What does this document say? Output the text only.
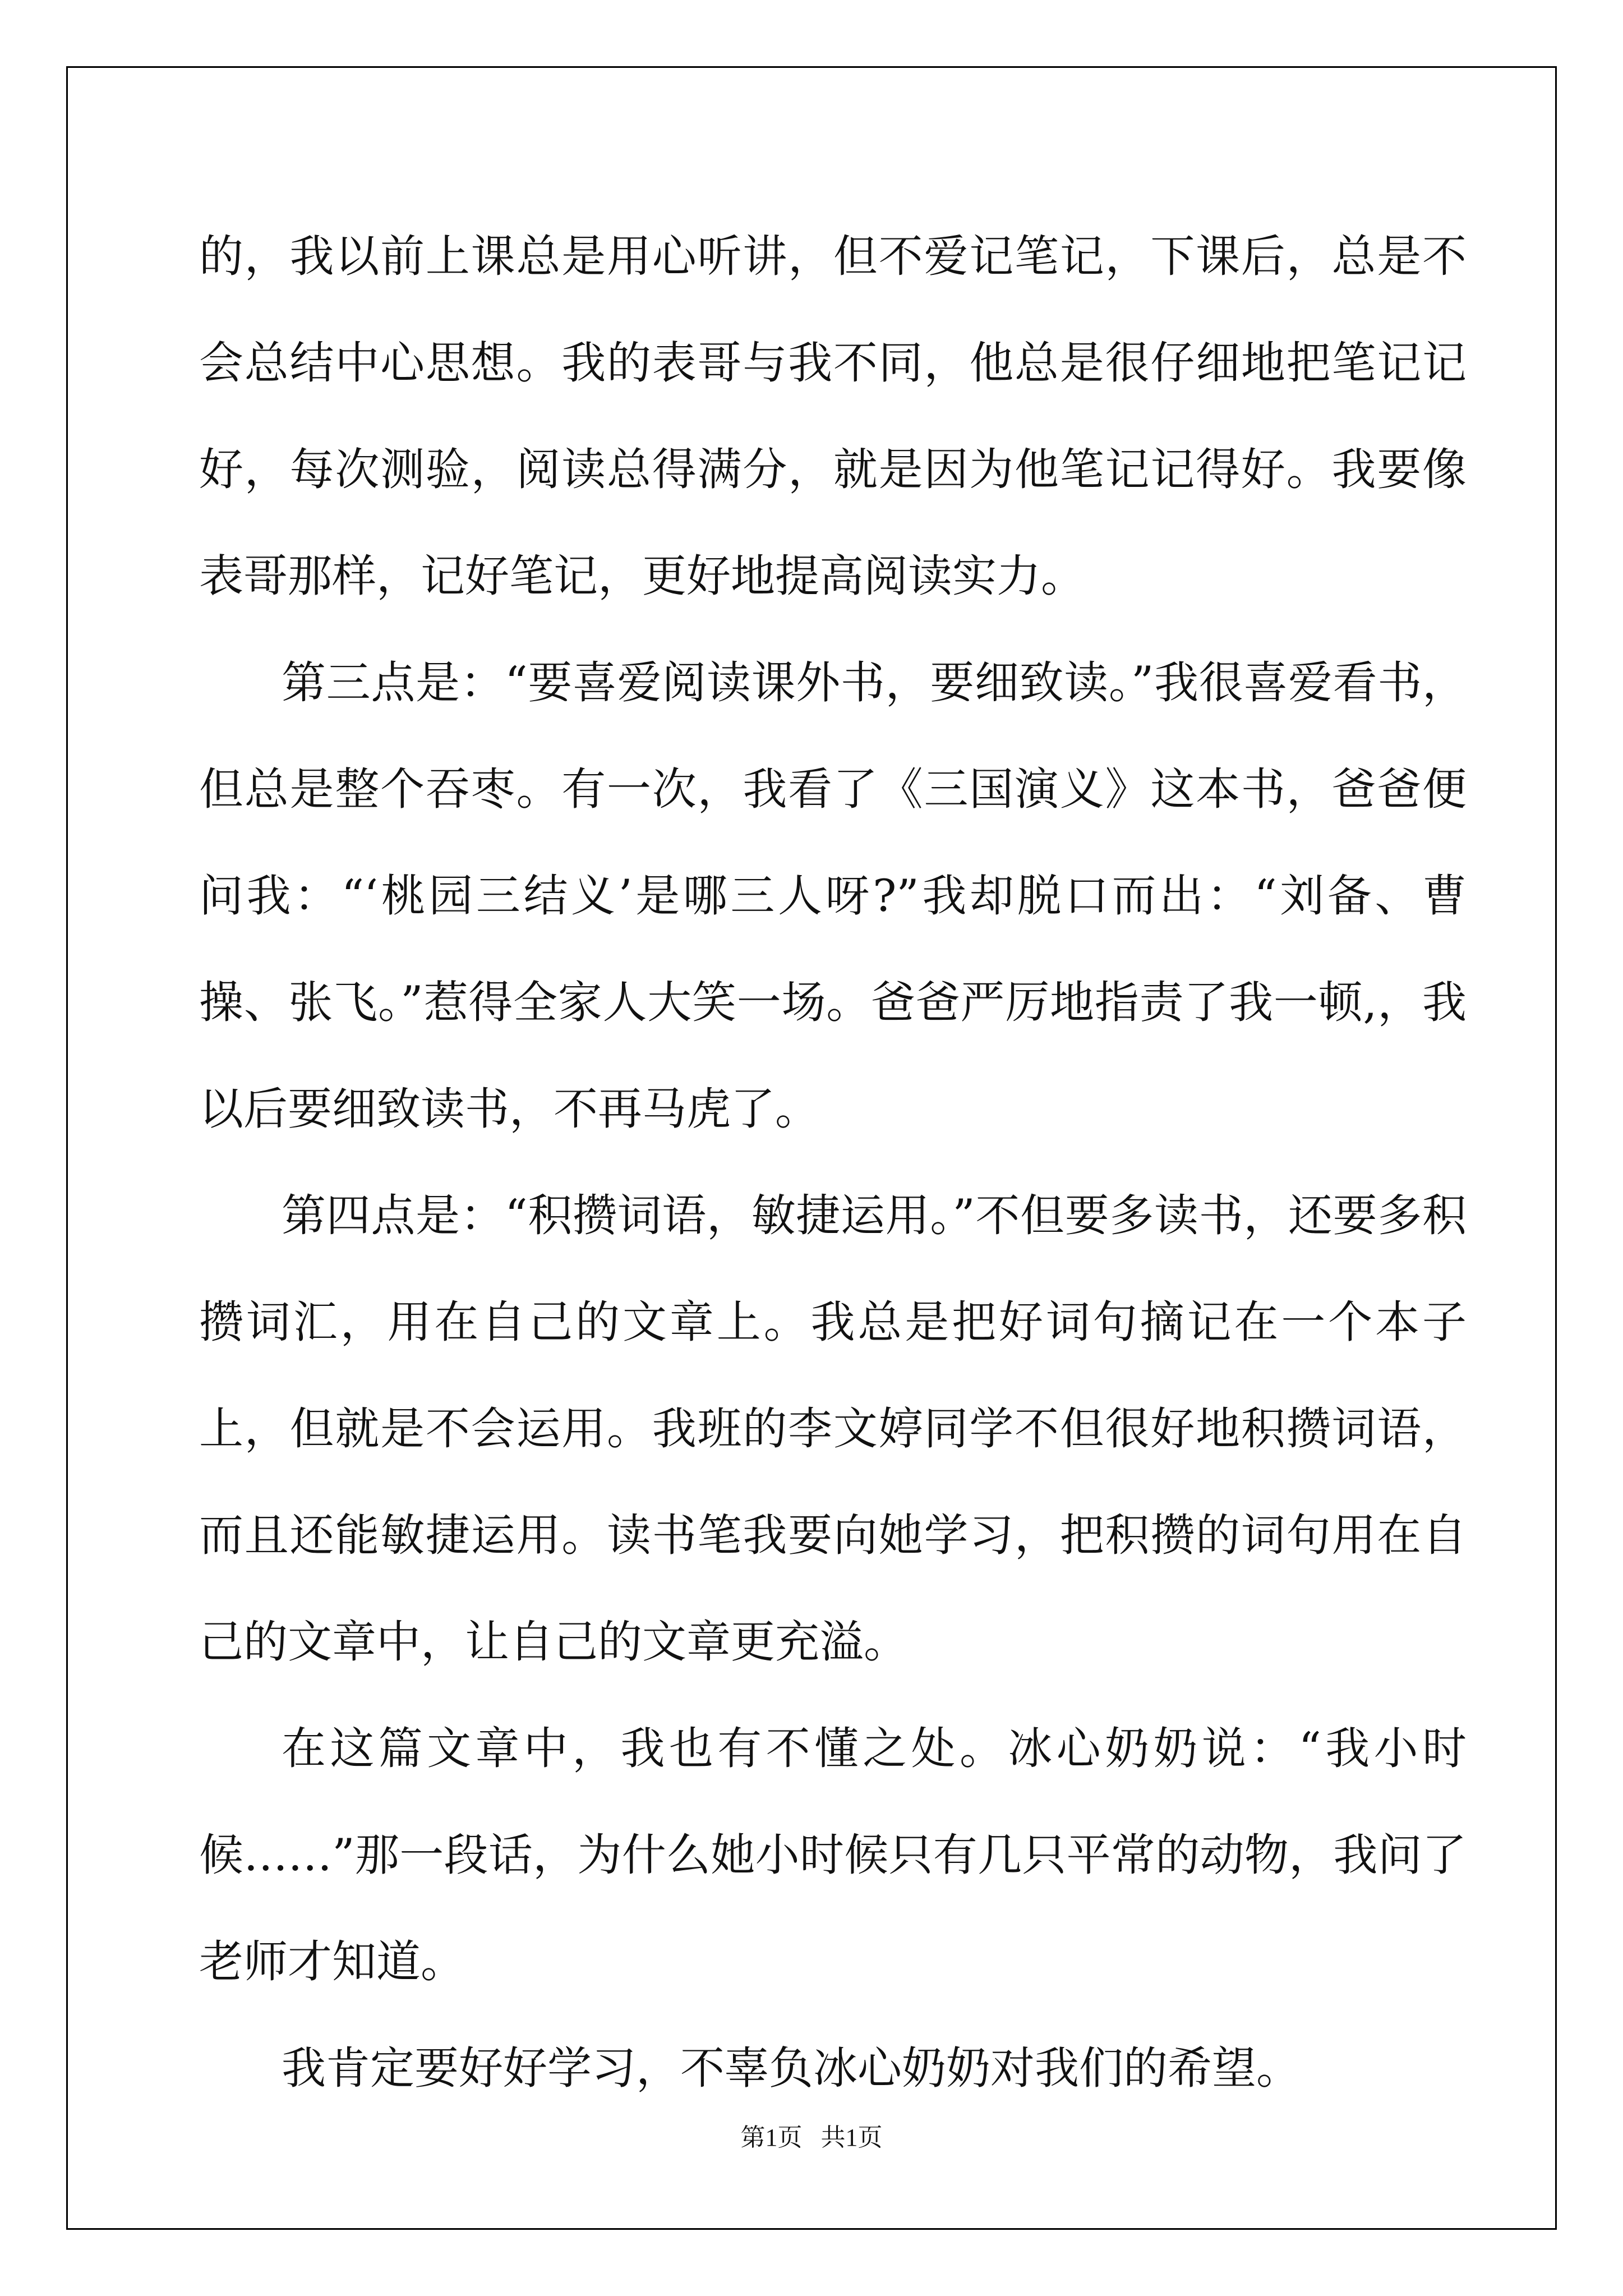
的，我以前上课总是用心听讲，但不爱记笔记，下课后，总是不会总结中心思想。我的表哥与我不同，他总是很仔细地把笔记记好，每次测验，阅读总得满分，就是因为他笔记记得好。我要像表哥那样，记好笔记，更好地提高阅读实力。

第三点是：“要喜爱阅读课外书，要细致读。”我很喜爱看书，但总是整个吞枣。有一次，我看了《三国演义》这本书，爸爸便问我：“‘桃园三结义’是哪三人呀?”我却脱口而出：“刘备、曹操、张飞。”惹得全家人大笑一场。爸爸严厉地指责了我一顿,，我以后要细致读书，不再马虎了。

第四点是：“积攒词语，敏捷运用。”不但要多读书，还要多积攒词汇，用在自己的文章上。我总是把好词句摘记在一个本子上，但就是不会运用。我班的李文婷同学不但很好地积攒词语，而且还能敏捷运用。读书笔我要向她学习，把积攒的词句用在自己的文章中，让自己的文章更充溢。

在这篇文章中，我也有不懂之处。冰心奶奶说：“我小时候……”那一段话，为什么她小时候只有几只平常的动物，我问了老师才知道。

我肯定要好好学习，不辜负冰心奶奶对我们的希望。

第1页   共1页
